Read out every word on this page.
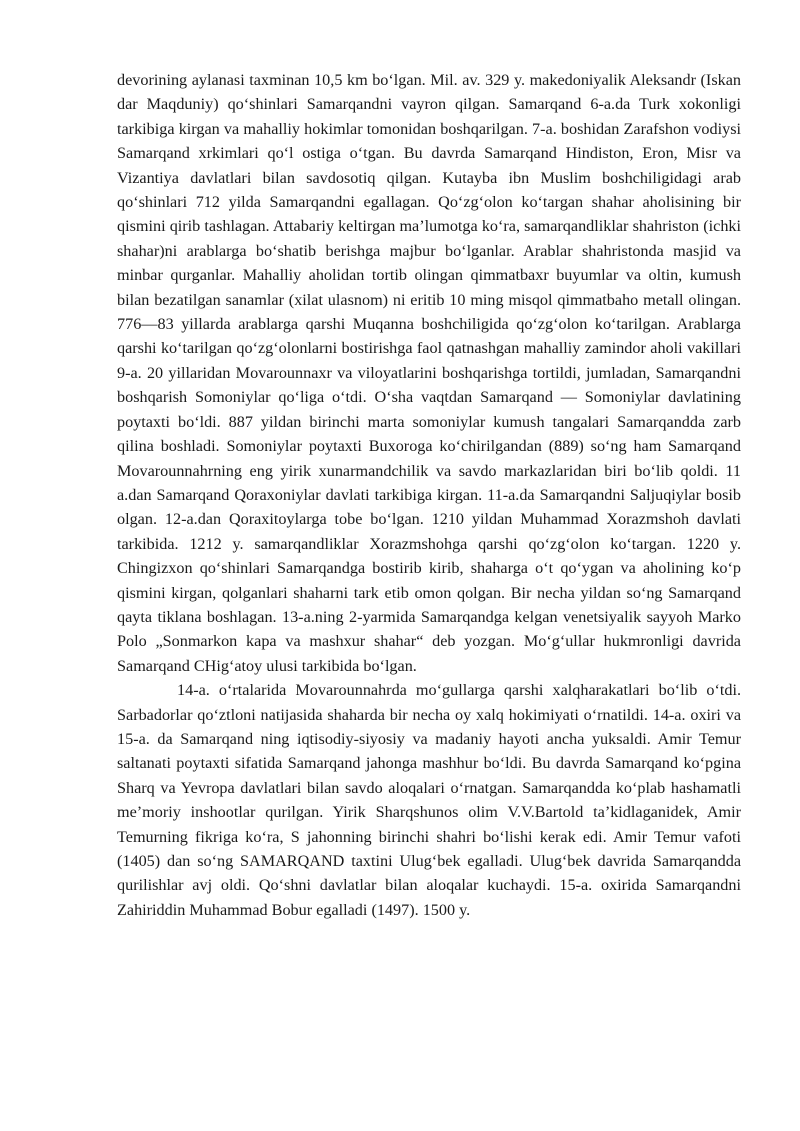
devorining aylanasi taxminan 10,5 km bo‘lgan. Mil. av. 329 y. makedoniyalik Aleksandr (Iskan dar Maqduniy) qo‘shinlari Samarqandni vayron qilgan. Samarqand 6-a.da Turk xokonligi tarkibiga kirgan va mahalliy hokimlar tomonidan boshqarilgan. 7-a. boshidan Zarafshon vodiysi Samarqand xrkimlari qo‘l ostiga o‘tgan. Bu davrda Samarqand Hindiston, Eron, Misr va Vizantiya davlatlari bilan savdosotiq qilgan. Kutayba ibn Muslim boshchiligidagi arab qo‘shinlari 712 yilda Samarqandni egallagan. Qo‘zg‘olon ko‘targan shahar aholisining bir qismini qirib tashlagan. Attabariy keltirgan ma’lumotga ko‘ra, samarqandliklar shahriston (ichki shahar)ni arablarga bo‘shatib berishga majbur bo‘lganlar. Arablar shahristonda masjid va minbar qurganlar. Mahalliy aholidan tortib olingan qimmatbaxr buyumlar va oltin, kumush bilan bezatilgan sanamlar (xilat ulasnom) ni eritib 10 ming misqol qimmatbaho metall olingan. 776—83 yillarda arablarga qarshi Muqanna boshchiligida qo‘zg‘olon ko‘tarilgan. Arablarga qarshi ko‘tarilgan qo‘zg‘olonlarni bostirishga faol qatnashgan mahalliy zamindor aholi vakillari 9-a. 20 yillaridan Movarounnaxr va viloyatlarini boshqarishga tortildi, jumladan, Samarqandni boshqarish Somoniylar qo‘liga o‘tdi. O‘sha vaqtdan Samarqand — Somoniylar davlatining poytaxti bo‘ldi. 887 yildan birinchi marta somoniylar kumush tangalari Samarqandda zarb qilina boshladi. Somoniylar poytaxti Buxoroga ko‘chirilgandan (889) so‘ng ham Samarqand Movarounnahrning eng yirik xunarmandchilik va savdo markazlaridan biri bo‘lib qoldi. 11 a.dan Samarqand Qoraxoniylar davlati tarkibiga kirgan. 11-a.da Samarqandni Saljuqiylar bosib olgan. 12-a.dan Qoraxitoylarga tobe bo‘lgan. 1210 yildan Muhammad Xorazmshoh davlati tarkibida. 1212 y. samarqandliklar Xorazmshohga qarshi qo‘zg‘olon ko‘targan. 1220 y. Chingizxon qo‘shinlari Samarqandga bostirib kirib, shaharga o‘t qo‘ygan va aholining ko‘p qismini kirgan, qolganlari shaharni tark etib omon qolgan. Bir necha yildan so‘ng Samarqand qayta tiklana boshlagan. 13-a.ning 2-yarmida Samarqandga kelgan venetsiyalik sayyoh Marko Polo „Sonmarkon kapa va mashxur shahar“ deb yozgan. Mo‘g‘ullar hukmronligi davrida Samarqand CHig‘atoy ulusi tarkibida bo‘lgan.

14-a. o‘rtalarida Movarounnahrda mo‘gullarga qarshi xalqharakatlari bo‘lib o‘tdi. Sarbadorlar qo‘ztloni natijasida shaharda bir necha oy xalq hokimiyati o‘rnatildi. 14-a. oxiri va 15-a. da Samarqand ning iqtisodiy-siyosiy va madaniy hayoti ancha yuksaldi. Amir Temur saltanati poytaxti sifatida Samarqand jahonga mashhur bo‘ldi. Bu davrda Samarqand ko‘pgina Sharq va Yevropa davlatlari bilan savdo aloqalari o‘rnatgan. Samarqandda ko‘plab hashamatli me’moriy inshootlar qurilgan. Yirik Sharqshunos olim V.V.Bartold ta’kidlaganidek, Amir Temurning fikriga ko‘ra, S jahonning birinchi shahri bo‘lishi kerak edi. Amir Temur vafoti (1405) dan so‘ng SAMARQAND taxtini Ulug‘bek egalladi. Ulug‘bek davrida Samarqandda qurilishlar avj oldi. Qo‘shni davlatlar bilan aloqalar kuchaydi. 15-a. oxirida Samarqandni Zahiriddin Muhammad Bobur egalladi (1497). 1500 y.
